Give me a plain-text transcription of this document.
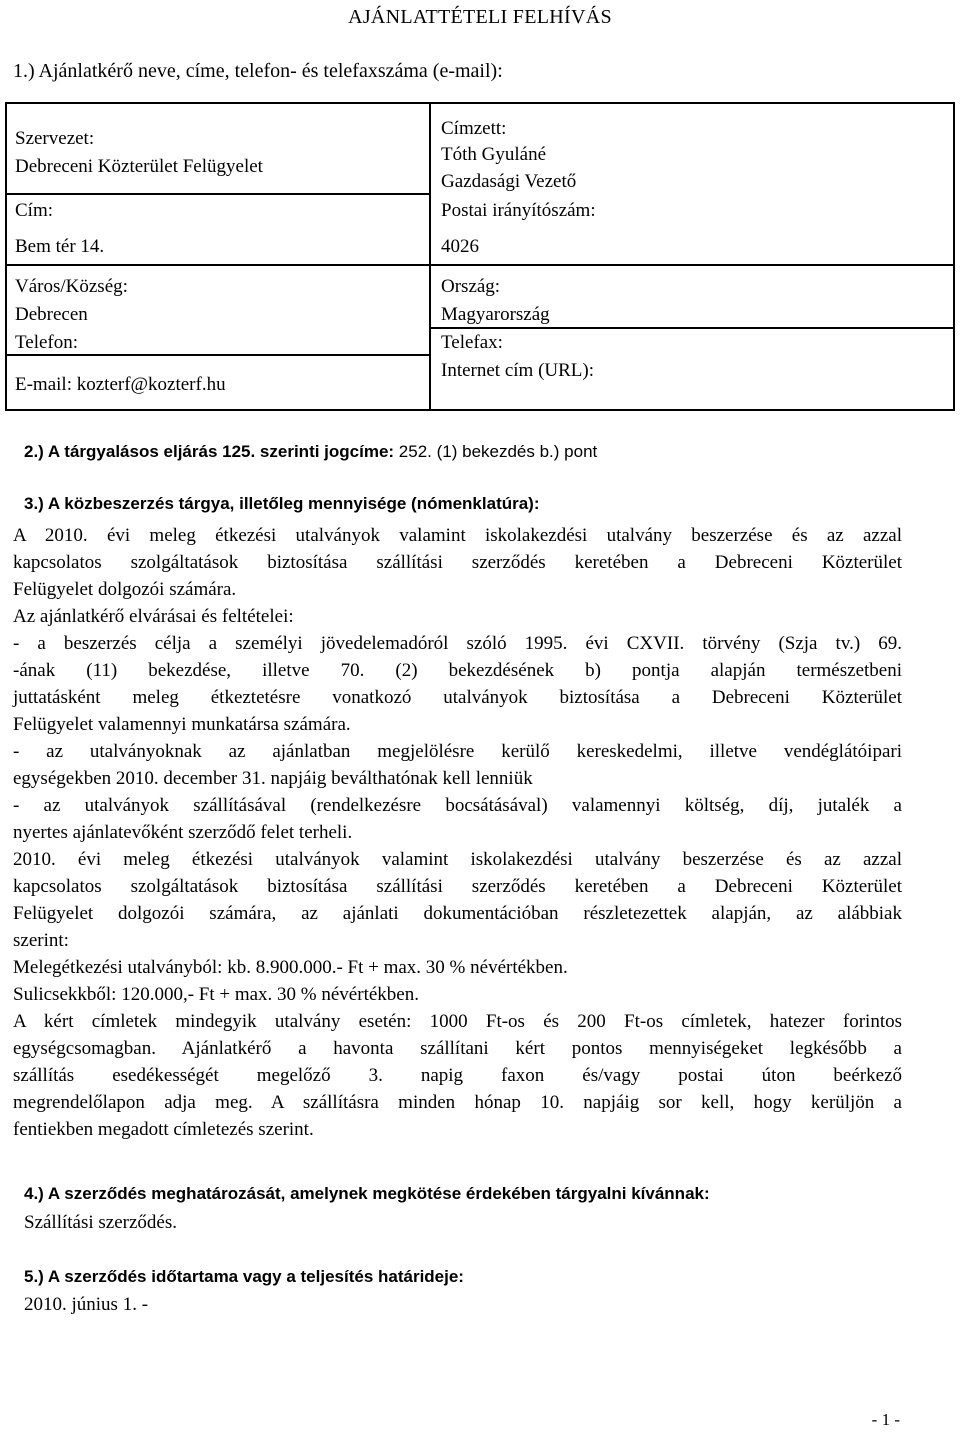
AJÁNLATTÉTELI FELHÍVÁS
1.) Ajánlatkérő neve, címe, telefon- és telefaxszáma (e-mail):
Szervezet:
Debreceni Közterület Felügyelet
Cím:
Bem tér 14.
Város/Község:
Debrecen
Telefon:
E-mail: kozterf@kozterf.hu
Címzett:
Tóth Gyuláné
Gazdasági Vezető
Postai irányítószám:
4026
Ország:
Magyarország
Telefax:
Internet cím (URL):
2.) A tárgyalásos eljárás 125. szerinti jogcíme: 252. (1) bekezdés b.) pont
3.) A közbeszerzés tárgya, illetőleg mennyisége (nómenklatúra):
A 2010. évi meleg étkezési utalványok valamint iskolakezdési utalvány beszerzése és az azzal
kapcsolatos szolgáltatások biztosítása szállítási szerződés keretében a Debreceni Közterület
Felügyelet dolgozói számára.
Az ajánlatkérő elvárásai és feltételei:
- a beszerzés célja a személyi jövedelemadóról szóló 1995. évi CXVII. törvény (Szja tv.) 69.
-ának (11) bekezdése, illetve 70. (2) bekezdésének b) pontja alapján természetbeni
juttatásként meleg étkeztetésre vonatkozó utalványok biztosítása a Debreceni Közterület
Felügyelet valamennyi munkatársa számára.
- az utalványoknak az ajánlatban megjelölésre kerülő kereskedelmi, illetve vendéglátóipari
egységekben 2010. december 31. napjáig beválthatónak kell lenniük
- az utalványok szállításával (rendelkezésre bocsátásával) valamennyi költség, díj, jutalék a
nyertes ajánlatevőként szerződő felet terheli.
2010. évi meleg étkezési utalványok valamint iskolakezdési utalvány beszerzése és az azzal
kapcsolatos szolgáltatások biztosítása szállítási szerződés keretében a Debreceni Közterület
Felügyelet dolgozói számára, az ajánlati dokumentációban részletezettek alapján, az alábbiak
szerint:
Melegétkezési utalványból: kb. 8.900.000.- Ft + max. 30 % névértékben.
Sulicsekkből: 120.000,- Ft + max. 30 % névértékben.
A kért címletek mindegyik utalvány esetén: 1000 Ft-os és 200 Ft-os címletek, hatezer forintos
egységcsomagban. Ajánlatkérő a havonta szállítani kért pontos mennyiségeket legkésőbb a
szállítás esedékességét megelőző 3. napig faxon és/vagy postai úton beérkező
megrendelőlapon adja meg. A szállításra minden hónap 10. napjáig sor kell, hogy kerüljön a
fentiekben megadott címletezés szerint.
4.) A szerződés meghatározását, amelynek megkötése érdekében tárgyalni kívánnak:
Szállítási szerződés.
5.) A szerződés időtartama vagy a teljesítés határideje:
2010. június 1. -
- 1 -
